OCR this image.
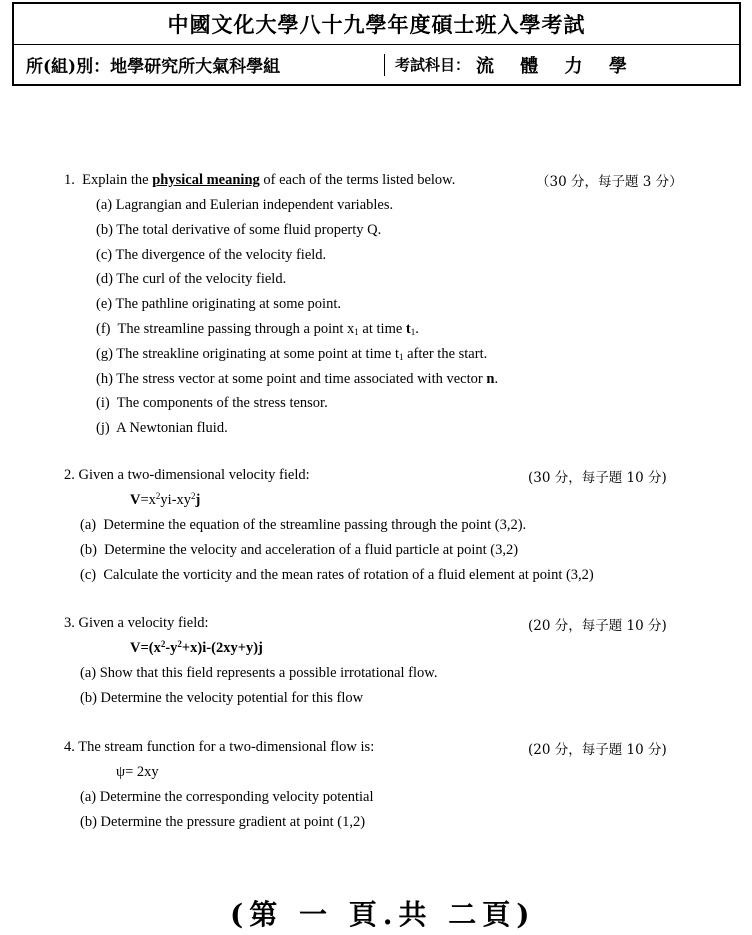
中國文化大學八十九學年度碩士班入學考試
所(組)別：地學研究所大氣科學組	考試科目： 流 體 力 學
1. Explain the physical meaning of each of the terms listed below.	（30 分，每子題 3 分）
(a) Lagrangian and Eulerian independent variables.
(b) The total derivative of some fluid property Q.
(c) The divergence of the velocity field.
(d) The curl of the velocity field.
(e) The pathline originating at some point.
(f) The streamline passing through a point $x_1$ at time $t_1$.
(g) The streakline originating at some point at time $t_1$ after the start.
(h) The stress vector at some point and time associated with vector n.
(i) The components of the stress tensor.
(j) A Newtonian fluid.
2. Given a two-dimensional velocity field:
$V=x^2yi-xy^2j$
(30 分，每子題 10 分)
(a) Determine the equation of the streamline passing through the point (3,2).
(b) Determine the velocity and acceleration of a fluid particle at point (3,2)
(c) Calculate the vorticity and the mean rates of rotation of a fluid element at point (3,2)
3. Given a velocity field:
$V=(x^2-y^2+x)i-(2xy+y)j$
(20 分，每子題 10 分)
(a) Show that this field represents a possible irrotational flow.
(b) Determine the velocity potential for this flow
4. The stream function for a two-dimensional flow is:
ψ= 2xy
(20 分，每子題 10 分)
(a) Determine the corresponding velocity potential
(b) Determine the pressure gradient at point (1,2)
(第 一 頁.共 二頁)
